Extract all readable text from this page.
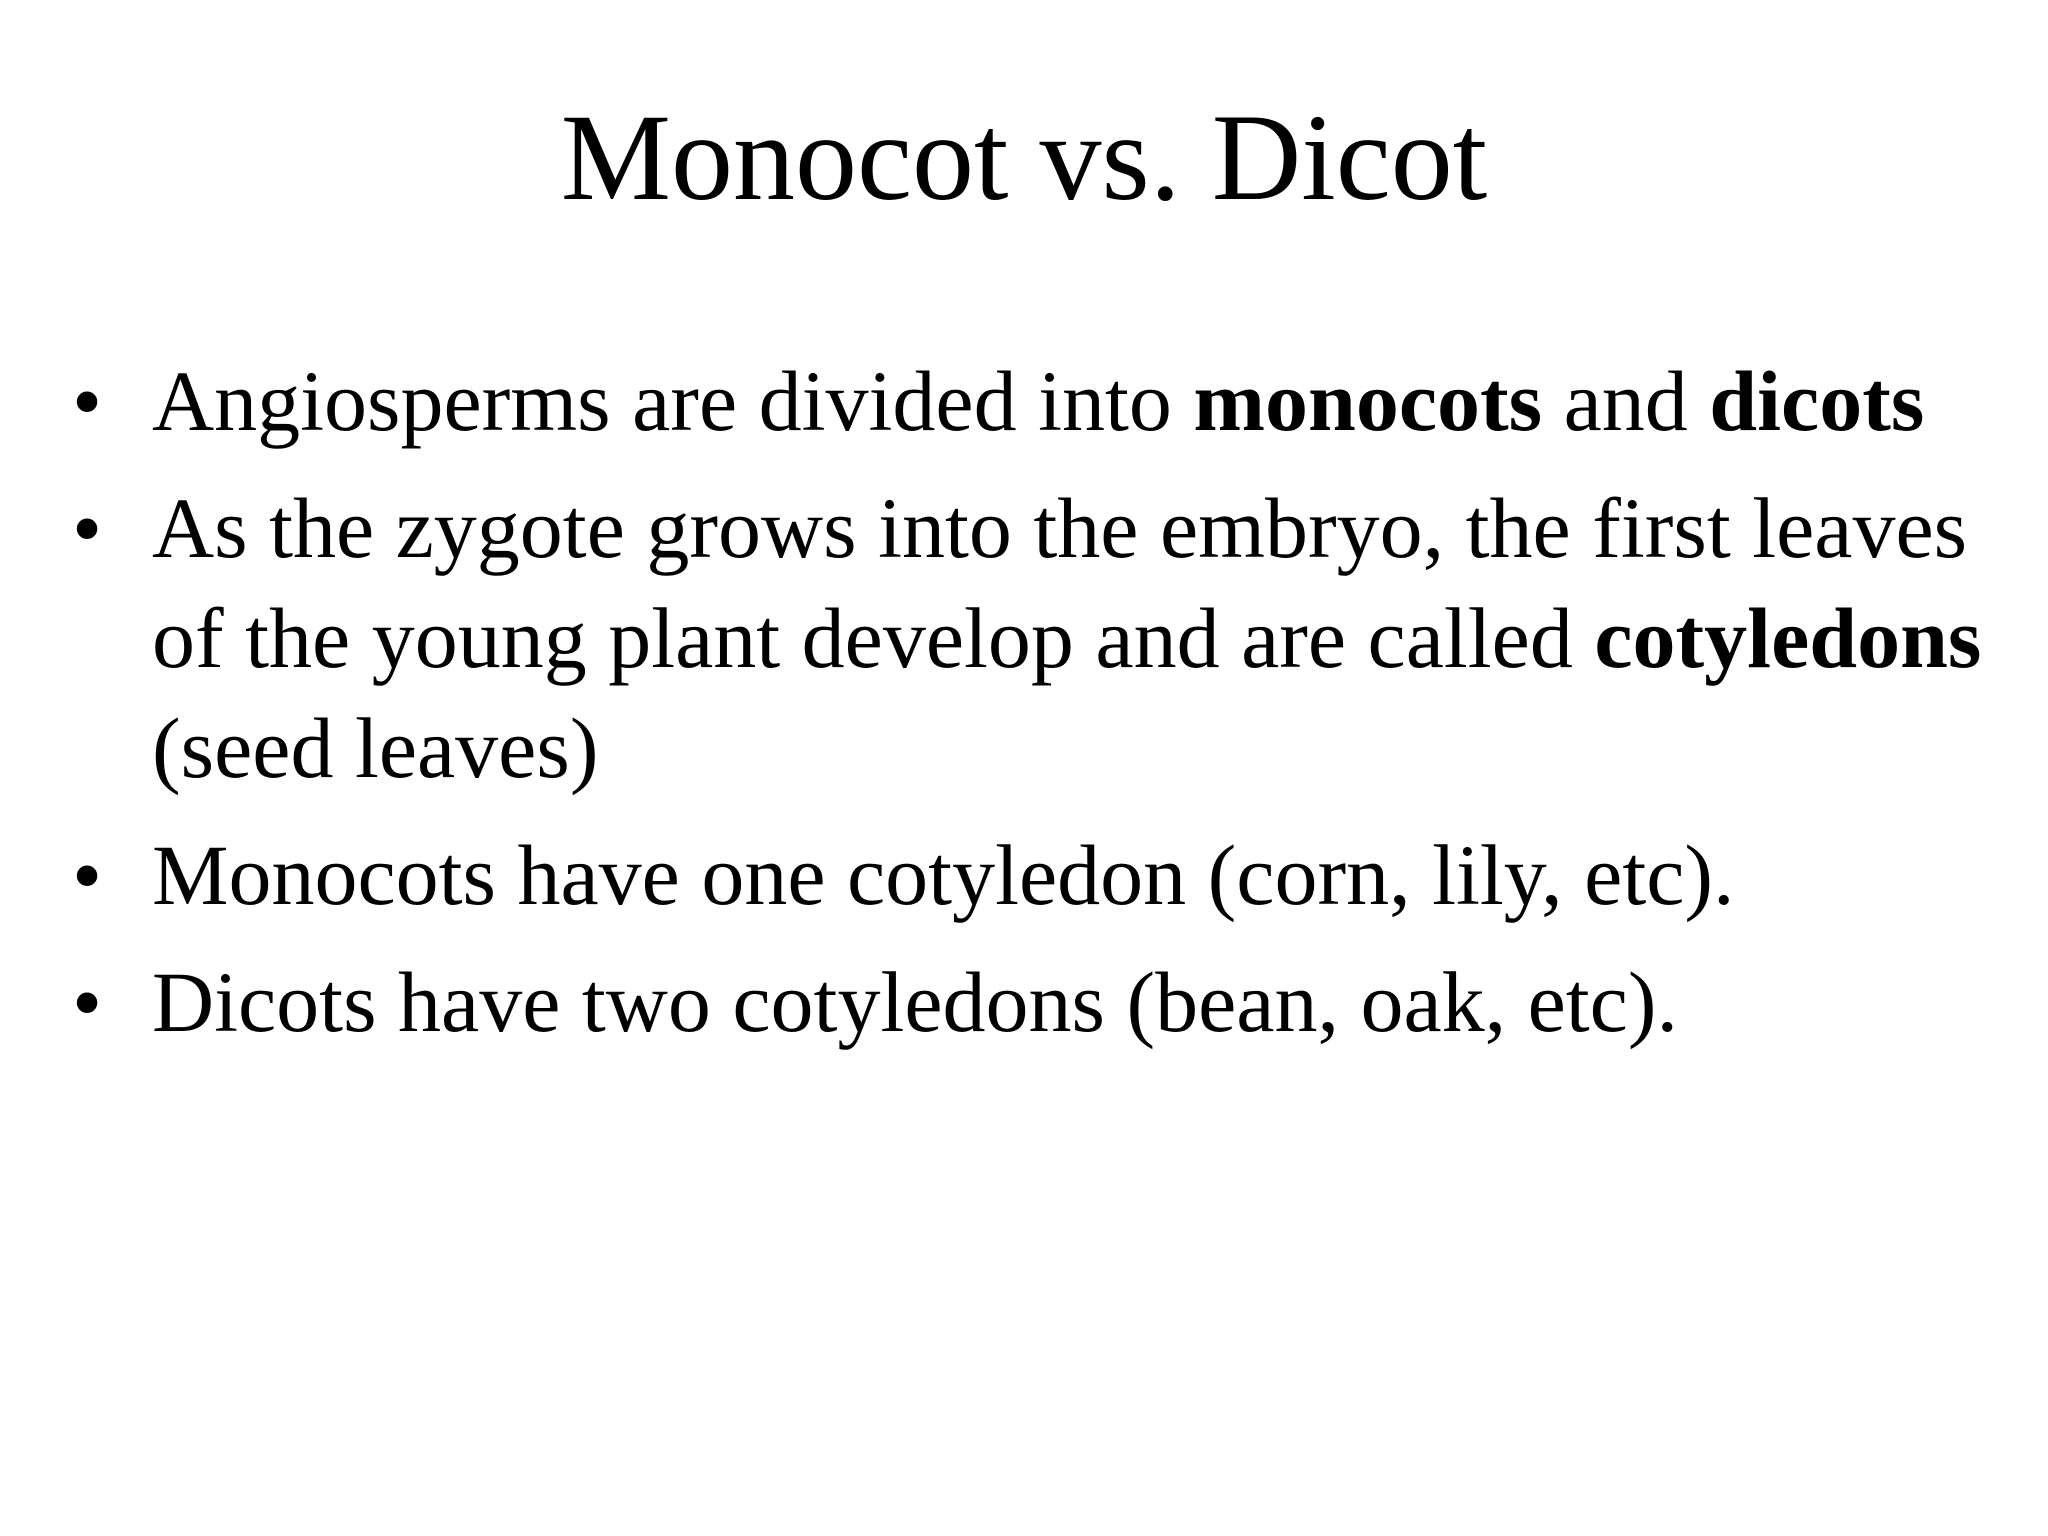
Monocot vs. Dicot
• Angiosperms are divided into monocots and dicots
• As the zygote grows into the embryo, the first leaves of the young plant develop and are called cotyledons (seed leaves)
• Monocots have one cotyledon (corn, lily, etc).
• Dicots have two cotyledons (bean, oak, etc).
